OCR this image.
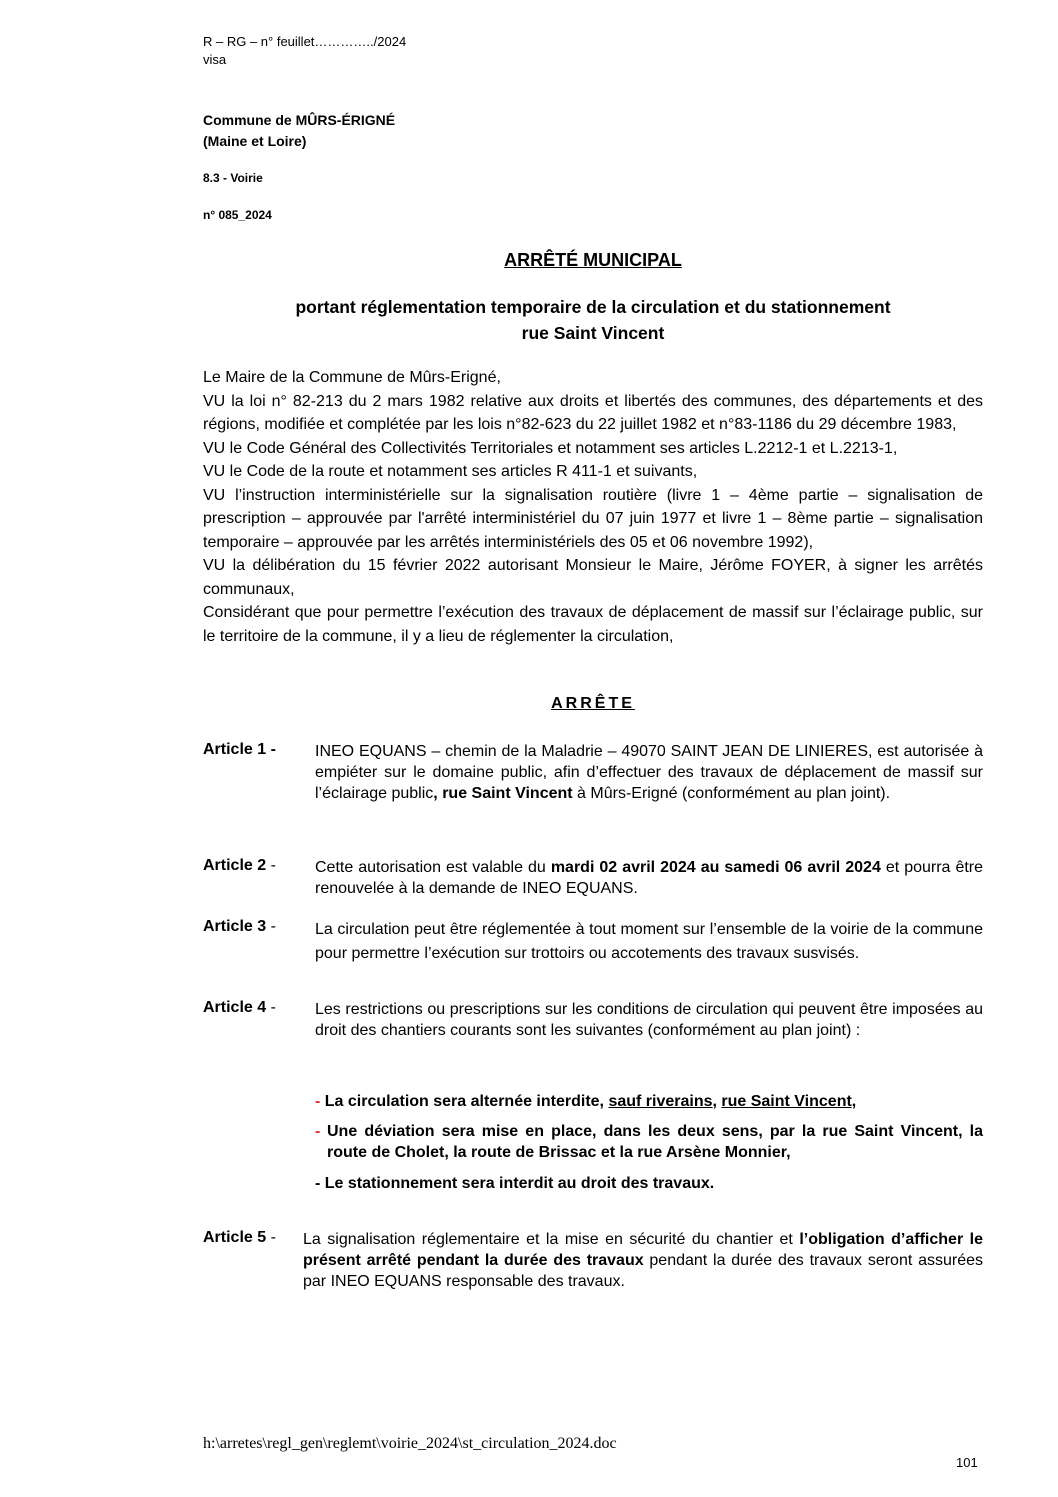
R – RG – n° feuillet…………../2024
visa
Commune de MÛRS-ÉRIGNÉ
(Maine et Loire)
8.3 - Voirie
n° 085_2024
ARRÊTÉ MUNICIPAL
portant réglementation temporaire de la circulation et du stationnement
rue Saint Vincent

Le Maire de la Commune de Mûrs-Erigné,

VU la loi n° 82-213 du 2 mars 1982 relative aux droits et libertés des communes, des départements et des régions, modifiée et complétée par les lois n°82-623 du 22 juillet 1982 et n°83-1186 du 29 décembre 1983,

VU le Code Général des Collectivités Territoriales et notamment ses articles L.2212-1 et L.2213-1,

VU le Code de la route et notamment ses articles R 411-1 et suivants,

VU l’instruction interministérielle sur la signalisation routière (livre 1 – 4ème partie – signalisation de prescription – approuvée par l'arrêté interministériel du 07 juin 1977 et livre 1 – 8ème partie – signalisation temporaire – approuvée par les arrêtés interministériels des 05 et 06 novembre 1992),

VU la délibération du 15 février 2022 autorisant Monsieur le Maire, Jérôme FOYER, à signer les arrêtés communaux,

Considérant que pour permettre l’exécution des travaux de déplacement de massif sur l’éclairage public, sur le territoire de la commune, il y a lieu de réglementer la circulation,

ARRÊTE
Article 1 - INEO EQUANS – chemin de la Maladrie – 49070 SAINT JEAN DE LINIERES, est autorisée à empiéter sur le domaine public, afin d’effectuer des travaux de déplacement de massif sur l’éclairage public, rue Saint Vincent à Mûrs-Erigné (conformément au plan joint).
Article 2 - Cette autorisation est valable du mardi 02 avril 2024 au samedi 06 avril 2024 et pourra être renouvelée à la demande de INEO EQUANS.
Article 3 - La circulation peut être réglementée à tout moment sur l’ensemble de la voirie de la commune pour permettre l’exécution sur trottoirs ou accotements des travaux susvisés.
Article 4 - Les restrictions ou prescriptions sur les conditions de circulation qui peuvent être imposées au droit des chantiers courants sont les suivantes (conformément au plan joint) :
- La circulation sera alternée interdite, sauf riverains, rue Saint Vincent,
- Une déviation sera mise en place, dans les deux sens, par la rue Saint Vincent, la route de Cholet, la route de Brissac et la rue Arsène Monnier,
- Le stationnement sera interdit au droit des travaux.
Article 5 - La signalisation réglementaire et la mise en sécurité du chantier et l’obligation d’afficher le présent arrêté pendant la durée des travaux pendant la durée des travaux seront assurées par INEO EQUANS responsable des travaux.
h:\arretes\regl_gen\reglemt\voirie_2024\st_circulation_2024.doc
101
